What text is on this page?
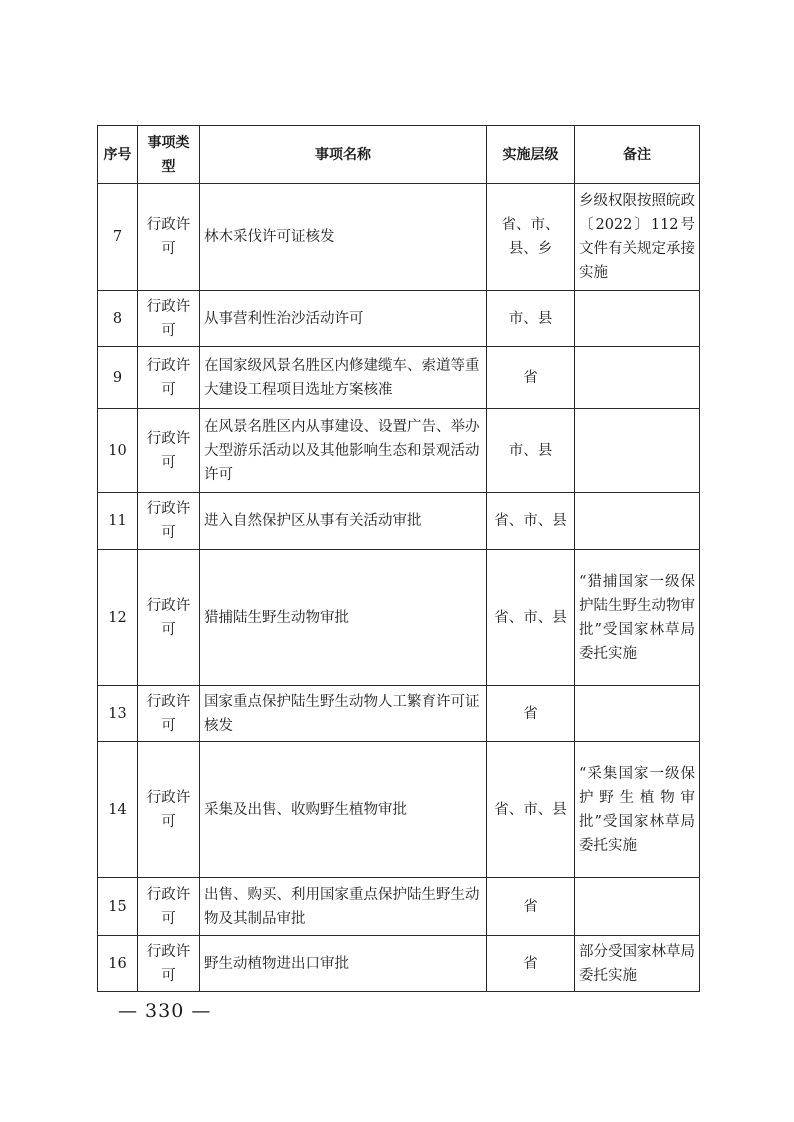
序号	事项类型	事项名称	实施层级	备注
7	行政许可	林木采伐许可证核发	省、市、县、乡	乡级权限按照皖政〔2022〕112号文件有关规定承接实施
8	行政许可	从事营利性治沙活动许可	市、县	
9	行政许可	在国家级风景名胜区内修建缆车、索道等重大建设工程项目选址方案核准	省	
10	行政许可	在风景名胜区内从事建设、设置广告、举办大型游乐活动以及其他影响生态和景观活动许可	市、县	
11	行政许可	进入自然保护区从事有关活动审批	省、市、县	
12	行政许可	猎捕陆生野生动物审批	省、市、县	“猎捕国家一级保护陆生野生动物审批”受国家林草局委托实施
13	行政许可	国家重点保护陆生野生动物人工繁育许可证核发	省	
14	行政许可	采集及出售、收购野生植物审批	省、市、县	“采集国家一级保护野生植物审批”受国家林草局委托实施
15	行政许可	出售、购买、利用国家重点保护陆生野生动物及其制品审批	省	
16	行政许可	野生动植物进出口审批	省	部分受国家林草局委托实施
— 330 —
